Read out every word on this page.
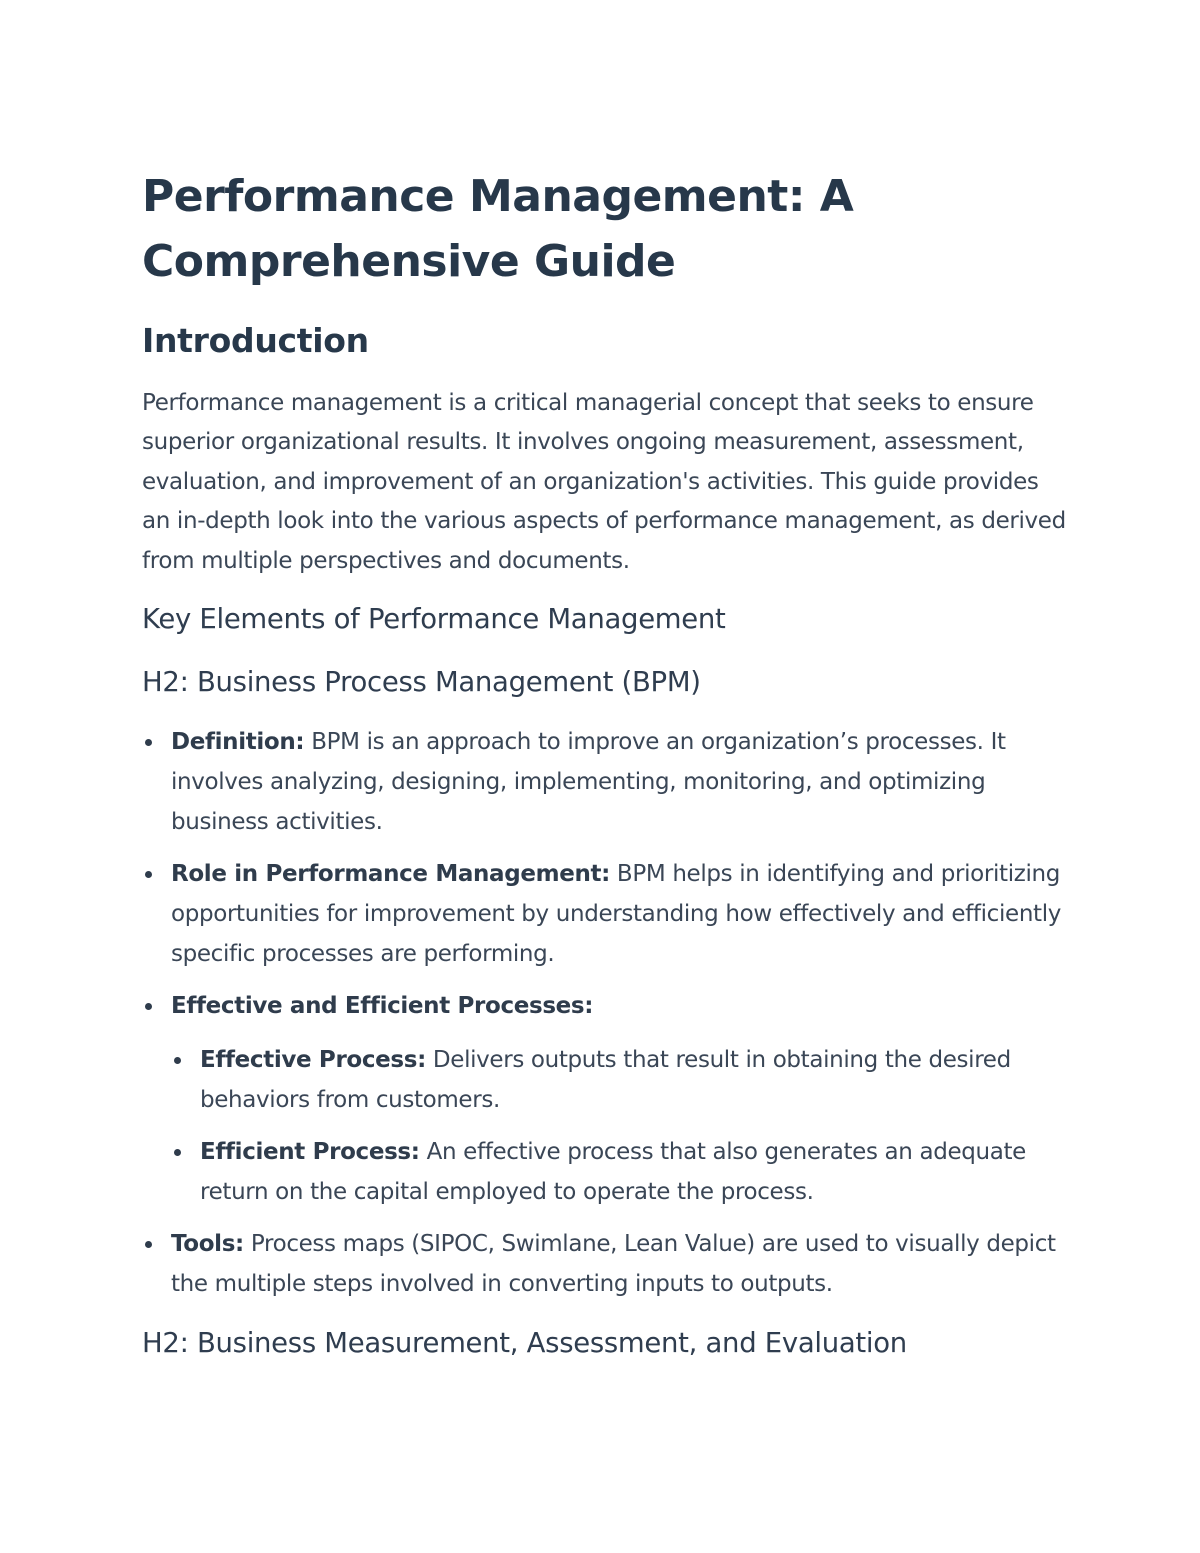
Performance Management: A Comprehensive Guide
Introduction

Performance management is a critical managerial concept that seeks to ensure superior organizational results. It involves ongoing measurement, assessment, evaluation, and improvement of an organization's activities. This guide provides an in-depth look into the various aspects of performance management, as derived from multiple perspectives and documents.

Key Elements of Performance Management
H2: Business Process Management (BPM)
Definition: BPM is an approach to improve an organization’s processes. It involves analyzing, designing, implementing, monitoring, and optimizing business activities.
Role in Performance Management: BPM helps in identifying and prioritizing opportunities for improvement by understanding how effectively and efficiently specific processes are performing.
Effective and Efficient Processes:
Effective Process: Delivers outputs that result in obtaining the desired behaviors from customers.
Efficient Process: An effective process that also generates an adequate return on the capital employed to operate the process.
Tools: Process maps (SIPOC, Swimlane, Lean Value) are used to visually depict the multiple steps involved in converting inputs to outputs.
H2: Business Measurement, Assessment, and Evaluation
